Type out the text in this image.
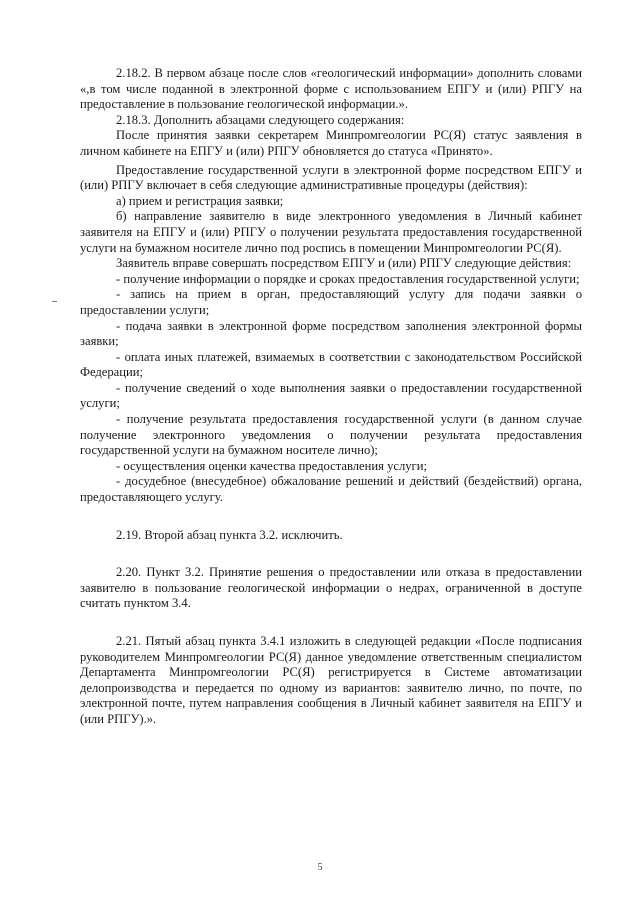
2.18.2. В первом абзаце после слов «геологический информации» дополнить словами «,в том числе поданной в электронной форме с использованием ЕПГУ и (или) РПГУ на предоставление в пользование геологической информации.».

2.18.3. Дополнить абзацами следующего содержания:

После принятия заявки секретарем Минпромгеологии РС(Я) статус заявления в личном кабинете на ЕПГУ и (или) РПГУ обновляется до статуса «Принято».

Предоставление государственной услуги в электронной форме посредством ЕПГУ и (или) РПГУ включает в себя следующие административные процедуры (действия):

а) прием и регистрация заявки;

б) направление заявителю в виде электронного уведомления в Личный кабинет заявителя на ЕПГУ и (или) РПГУ о получении результата предоставления государственной услуги на бумажном носителе лично под роспись в помещении Минпромгеологии РС(Я).

Заявитель вправе совершать посредством ЕПГУ и (или) РПГУ следующие действия:

- получение информации о порядке и сроках предоставления государственной услуги;

- запись на прием в орган, предоставляющий услугу для подачи заявки о предоставлении услуги;

- подача заявки в электронной форме посредством заполнения электронной формы заявки;

- оплата иных платежей, взимаемых в соответствии с законодательством Российской Федерации;

- получение сведений о ходе выполнения заявки о предоставлении государственной услуги;

- получение результата предоставления государственной услуги (в данном случае получение электронного уведомления о получении результата предоставления государственной услуги на бумажном носителе лично);

- осуществления оценки качества предоставления услуги;

- досудебное (внесудебное) обжалование решений и действий (бездействий) органа, предоставляющего услугу.

2.19. Второй абзац пункта 3.2. исключить.

2.20. Пункт 3.2. Принятие решения о предоставлении или отказа в предоставлении заявителю в пользование геологической информации о недрах, ограниченной в доступе считать пунктом 3.4.

2.21. Пятый абзац пункта 3.4.1 изложить в следующей редакции «После подписания руководителем Минпромгеологии РС(Я) данное уведомление ответственным специалистом Департамента Минпромгеологии РС(Я) регистрируется в Системе автоматизации делопроизводства и передается по одному из вариантов: заявителю лично, по почте, по электронной почте, путем направления сообщения в Личный кабинет заявителя на ЕПГУ и (или РПГУ).».

5
